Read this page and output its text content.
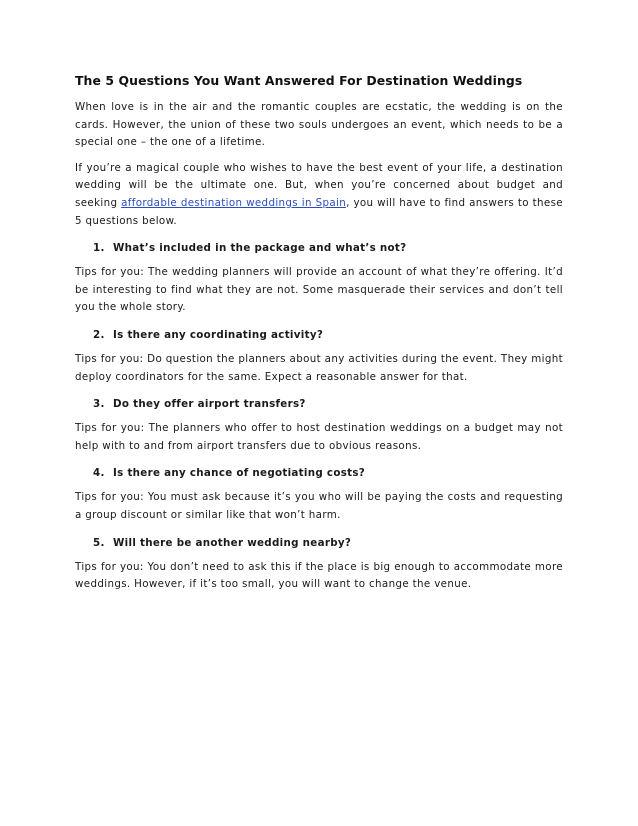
The 5 Questions You Want Answered For Destination Weddings

When love is in the air and the romantic couples are ecstatic, the wedding is on the cards. However, the union of these two souls undergoes an event, which needs to be a special one – the one of a lifetime.

If you’re a magical couple who wishes to have the best event of your life, a destination wedding will be the ultimate one. But, when you’re concerned about budget and seeking affordable destination weddings in Spain, you will have to find answers to these 5 questions below.

1. What’s included in the package and what’s not?

Tips for you: The wedding planners will provide an account of what they’re offering. It’d be interesting to find what they are not. Some masquerade their services and don’t tell you the whole story.

2. Is there any coordinating activity?

Tips for you: Do question the planners about any activities during the event. They might deploy coordinators for the same. Expect a reasonable answer for that.

3. Do they offer airport transfers?

Tips for you: The planners who offer to host destination weddings on a budget may not help with to and from airport transfers due to obvious reasons.

4. Is there any chance of negotiating costs?

Tips for you: You must ask because it’s you who will be paying the costs and requesting a group discount or similar like that won’t harm.

5. Will there be another wedding nearby?

Tips for you: You don’t need to ask this if the place is big enough to accommodate more weddings. However, if it’s too small, you will want to change the venue.
